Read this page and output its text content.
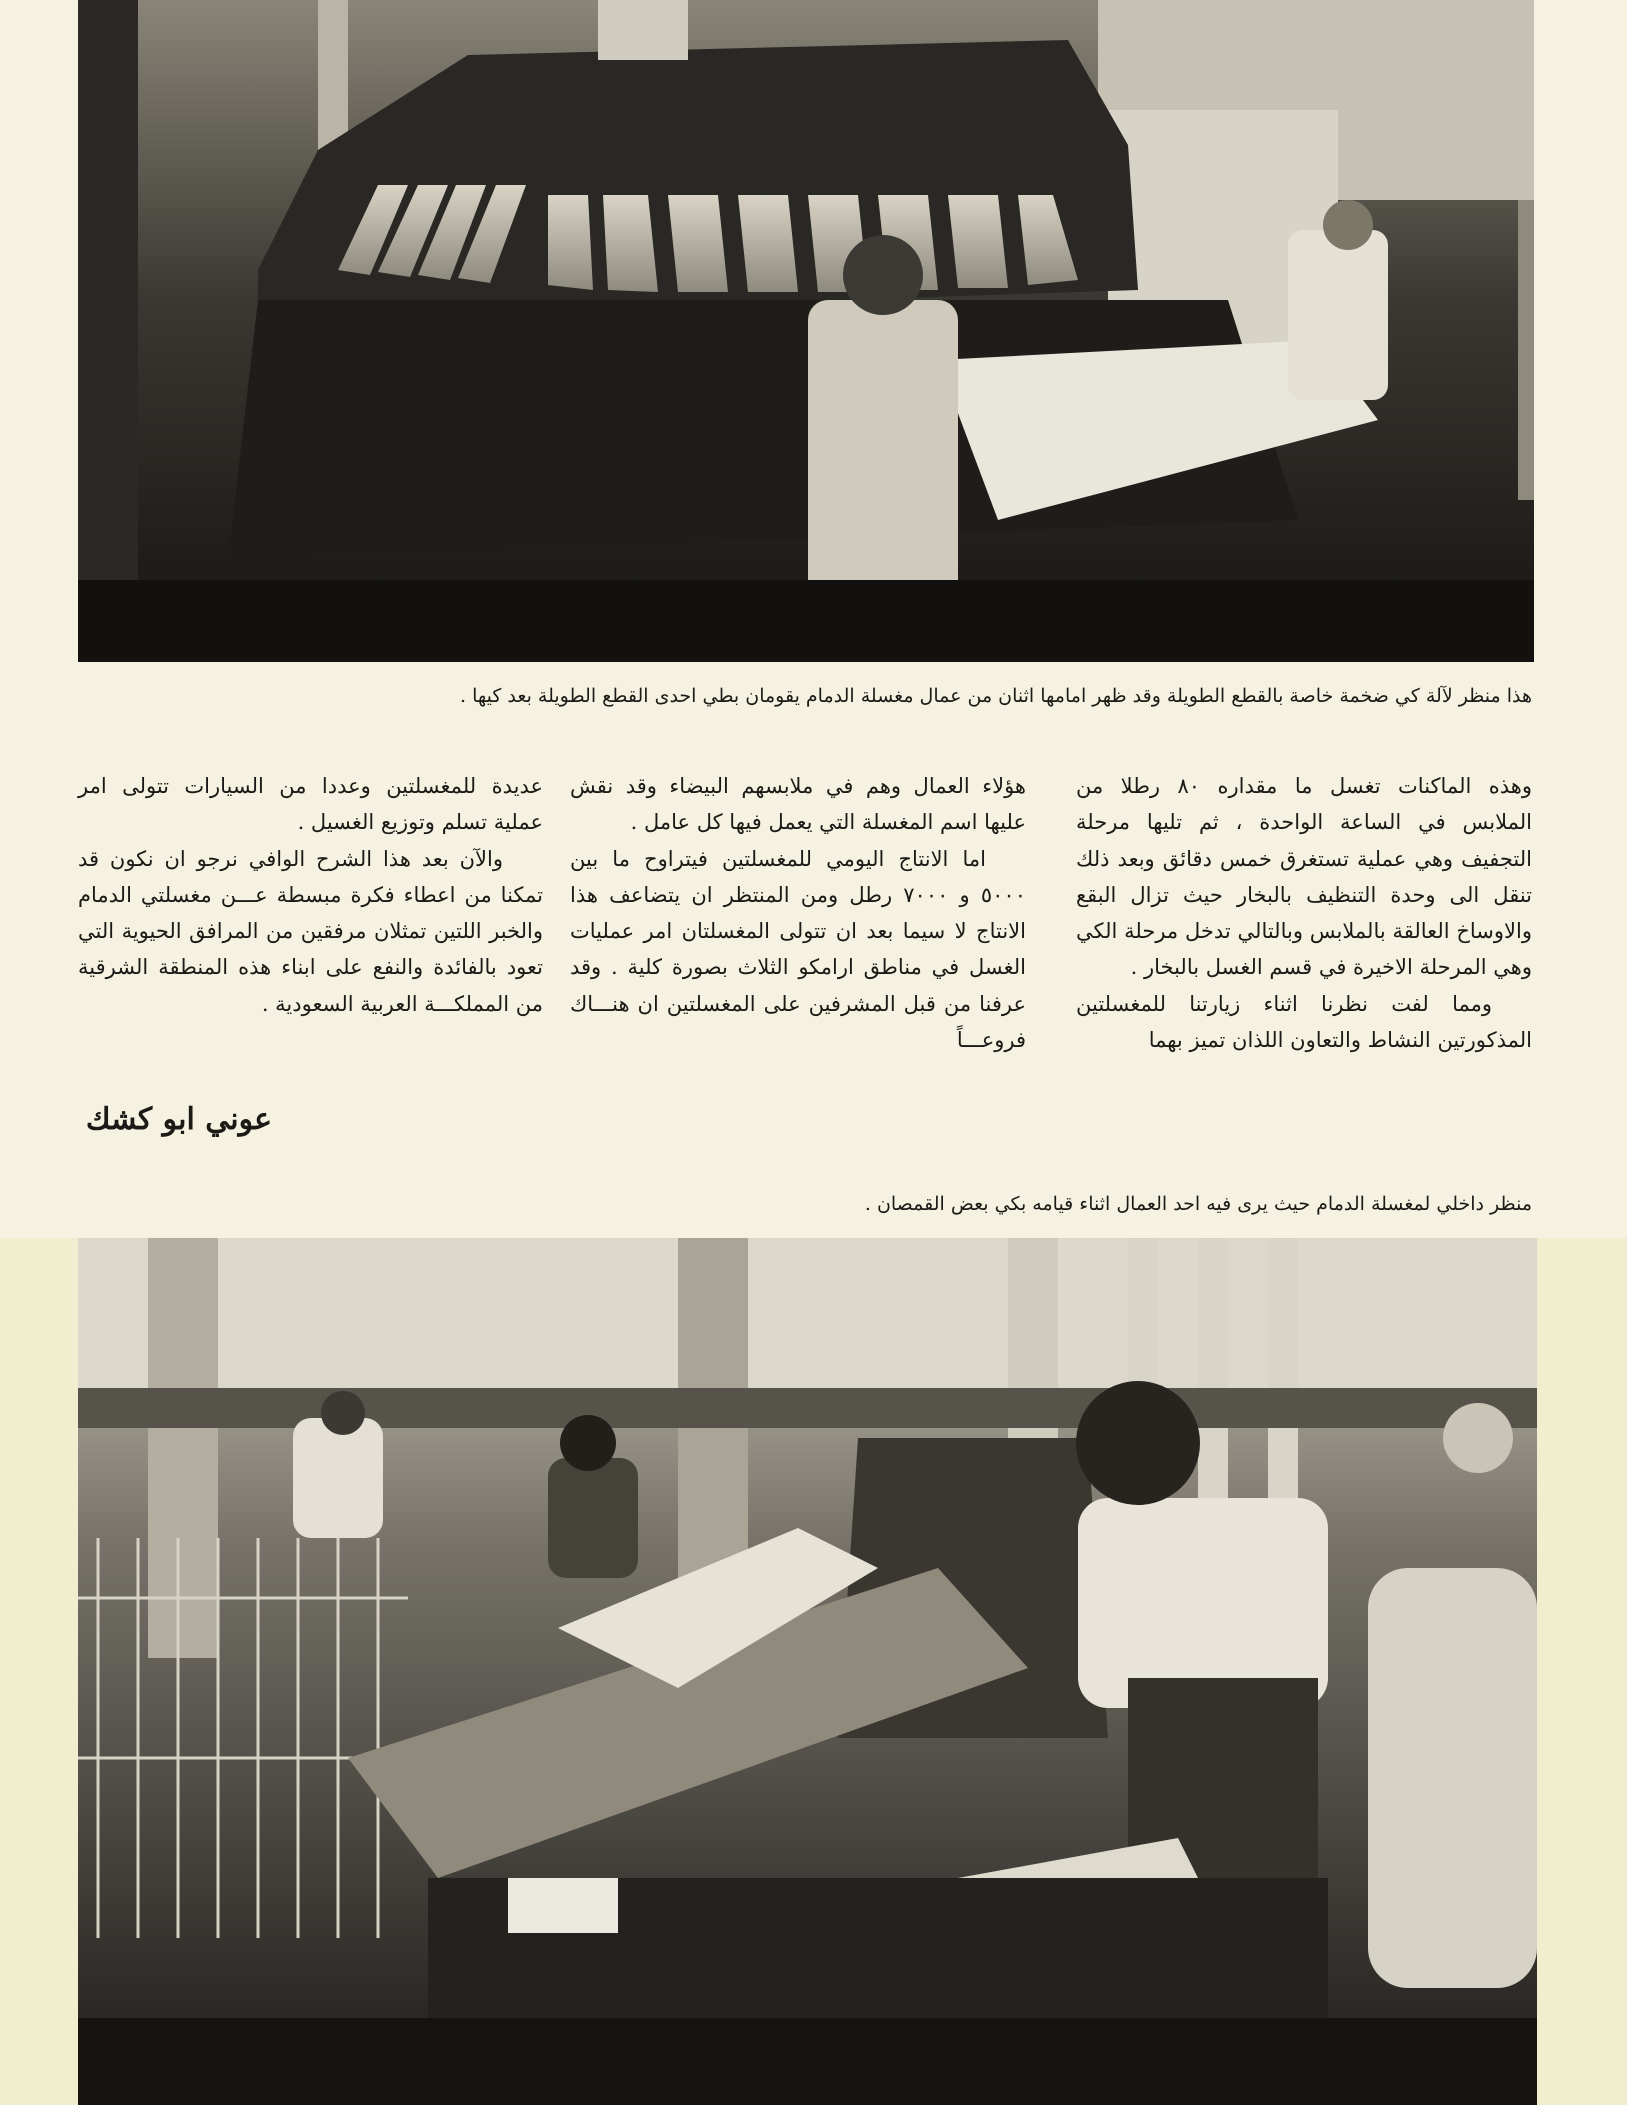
هذا منظر لآلة كي ضخمة خاصة بالقطع الطويلة وقد ظهر امامها اثنان من عمال مغسلة الدمام يقومان بطي احدى القطع الطويلة بعد كيها .

وهذه الماكنات تغسل ما مقداره ٨٠ رطلا من الملابس في الساعة الواحدة ، ثم تليها مرحلة التجفيف وهي عملية تستغرق خمس دقائق وبعد ذلك تنقل الى وحدة التنظيف بالبخار حيث تزال البقع والاوساخ العالقة بالملابس وبالتالي تدخل مرحلة الكي وهي المرحلة الاخيرة في قسم الغسل بالبخار .

ومما لفت نظرنا اثناء زيارتنا للمغسلتين المذكورتين النشاط والتعاون اللذان تميز بهما

هؤلاء العمال وهم في ملابسهم البيضاء وقد نقش عليها اسم المغسلة التي يعمل فيها كل عامل .

اما الانتاج اليومي للمغسلتين فيتراوح ما بين ٥٠٠٠ و ٧٠٠٠ رطل ومن المنتظر ان يتضاعف هذا الانتاج لا سيما بعد ان تتولى المغسلتان امر عمليات الغسل في مناطق ارامكو الثلاث بصورة كلية . وقد عرفنا من قبل المشرفين على المغسلتين ان هنـــاك فروعـــاً

عديدة للمغسلتين وعددا من السيارات تتولى امر عملية تسلم وتوزيع الغسيل .

والآن بعد هذا الشرح الوافي نرجو ان نكون قد تمكنا من اعطاء فكرة مبسطة عـــن مغسلتي الدمام والخبر اللتين تمثلان مرفقين من المرافق الحيوية التي تعود بالفائدة والنفع على ابناء هذه المنطقة الشرقية من المملكـــة العربية السعودية .

عوني ابو كشك
منظر داخلي لمغسلة الدمام حيث يرى فيه احد العمال اثناء قيامه بكي بعض القمصان .
